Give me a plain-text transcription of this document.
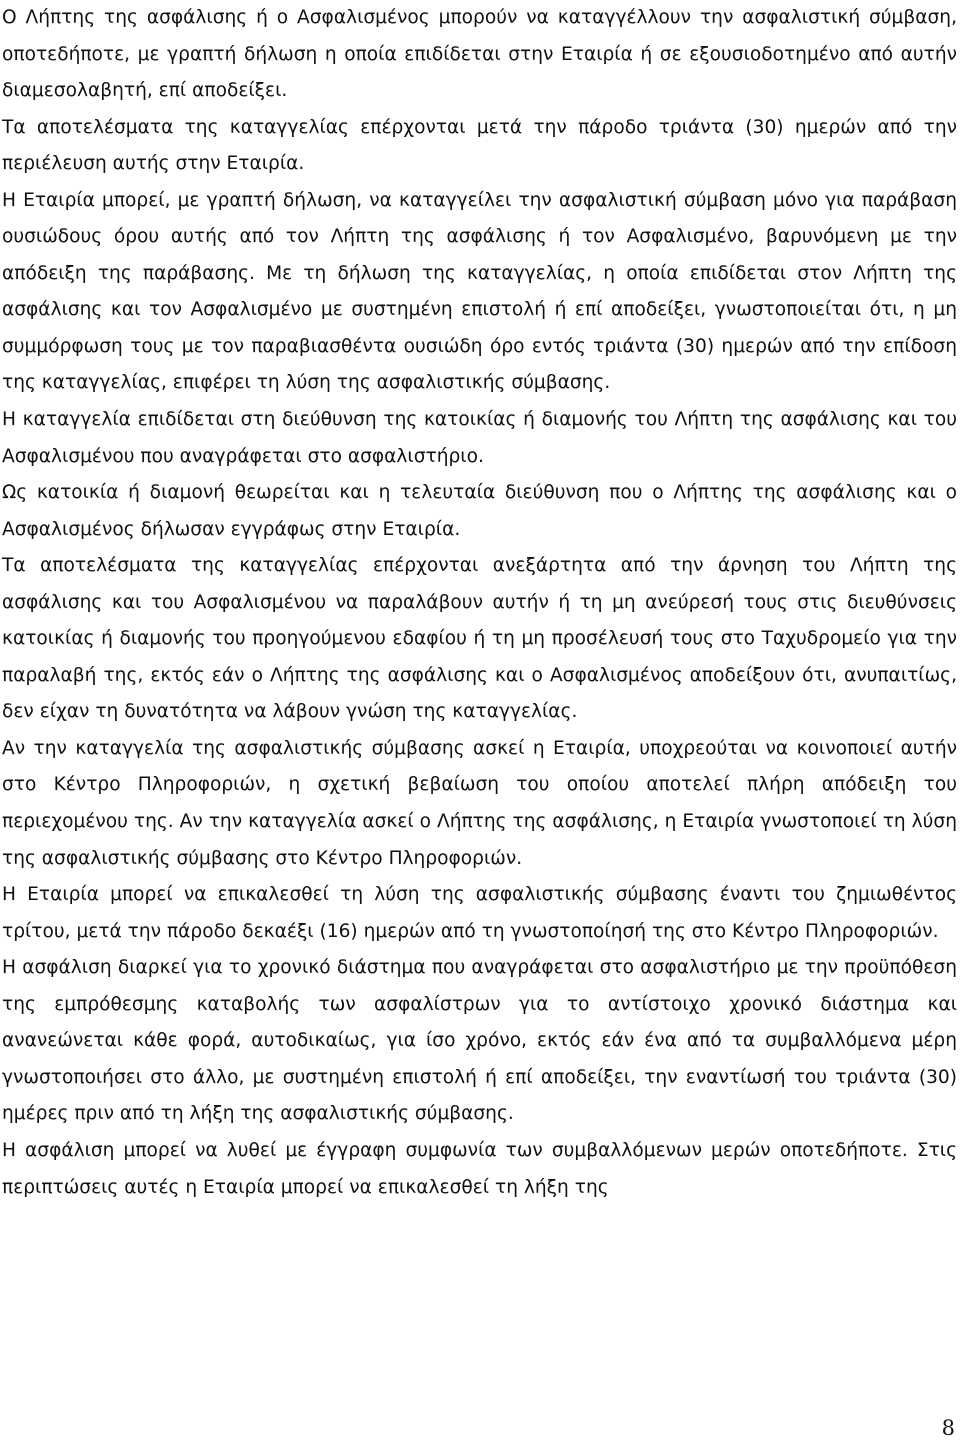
Ο Λήπτης της ασφάλισης ή ο Ασφαλισμένος μπορούν να καταγγέλλουν την ασφαλιστική σύμβαση, οποτεδήποτε, με γραπτή δήλωση η οποία επιδίδεται στην Εταιρία ή σε εξουσιοδοτημένο από αυτήν διαμεσολαβητή, επί αποδείξει.

Τα αποτελέσματα της καταγγελίας επέρχονται μετά την πάροδο τριάντα (30) ημερών από την περιέλευση αυτής στην Εταιρία.

Η Εταιρία μπορεί, με γραπτή δήλωση, να καταγγείλει την ασφαλιστική σύμβαση μόνο για παράβαση ουσιώδους όρου αυτής από τον Λήπτη της ασφάλισης ή τον Ασφαλισμένο, βαρυνόμενη με την απόδειξη της παράβασης. Με τη δήλωση της καταγγελίας, η οποία επιδίδεται στον Λήπτη της ασφάλισης και τον Ασφαλισμένο με συστημένη επιστολή ή επί αποδείξει, γνωστοποιείται ότι, η μη συμμόρφωση τους με τον παραβιασθέντα ουσιώδη όρο εντός τριάντα (30) ημερών από την επίδοση της καταγγελίας, επιφέρει τη λύση της ασφαλιστικής σύμβασης.

Η καταγγελία επιδίδεται στη διεύθυνση της κατοικίας ή διαμονής του Λήπτη της ασφάλισης και του Ασφαλισμένου που αναγράφεται στο ασφαλιστήριο.

Ως κατοικία ή διαμονή θεωρείται και η τελευταία διεύθυνση που ο Λήπτης της ασφάλισης και ο Ασφαλισμένος δήλωσαν εγγράφως στην Εταιρία.

Τα αποτελέσματα της καταγγελίας επέρχονται ανεξάρτητα από την άρνηση του Λήπτη της ασφάλισης και του Ασφαλισμένου να παραλάβουν αυτήν ή τη μη ανεύρεσή τους στις διευθύνσεις κατοικίας ή διαμονής του προηγούμενου εδαφίου ή τη μη προσέλευσή τους στο Ταχυδρομείο για την παραλαβή της, εκτός εάν ο Λήπτης της ασφάλισης και ο Ασφαλισμένος αποδείξουν ότι, ανυπαιτίως, δεν είχαν τη δυνατότητα να λάβουν γνώση της καταγγελίας.

Αν την καταγγελία της ασφαλιστικής σύμβασης ασκεί η Εταιρία, υποχρεούται να κοινοποιεί αυτήν στο Κέντρο Πληροφοριών, η σχετική βεβαίωση του οποίου αποτελεί πλήρη απόδειξη του περιεχομένου της. Αν την καταγγελία ασκεί ο Λήπτης της ασφάλισης, η Εταιρία γνωστοποιεί τη λύση της ασφαλιστικής σύμβασης στο Κέντρο Πληροφοριών.

Η Εταιρία μπορεί να επικαλεσθεί τη λύση της ασφαλιστικής σύμβασης έναντι του ζημιωθέντος τρίτου, μετά την πάροδο δεκαέξι (16) ημερών από τη γνωστοποίησή της στο Κέντρο Πληροφοριών.

Η ασφάλιση διαρκεί για το χρονικό διάστημα που αναγράφεται στο ασφαλιστήριο με την προϋπόθεση της εμπρόθεσμης καταβολής των ασφαλίστρων για το αντίστοιχο χρονικό διάστημα και ανανεώνεται κάθε φορά, αυτοδικαίως, για ίσο χρόνο, εκτός εάν ένα από τα συμβαλλόμενα μέρη γνωστοποιήσει στο άλλο, με συστημένη επιστολή ή επί αποδείξει, την εναντίωσή του τριάντα (30) ημέρες πριν από τη λήξη της ασφαλιστικής σύμβασης.

Η ασφάλιση μπορεί να λυθεί με έγγραφη συμφωνία των συμβαλλόμενων μερών οποτεδήποτε. Στις περιπτώσεις αυτές η Εταιρία μπορεί να επικαλεσθεί τη λήξη της

8
